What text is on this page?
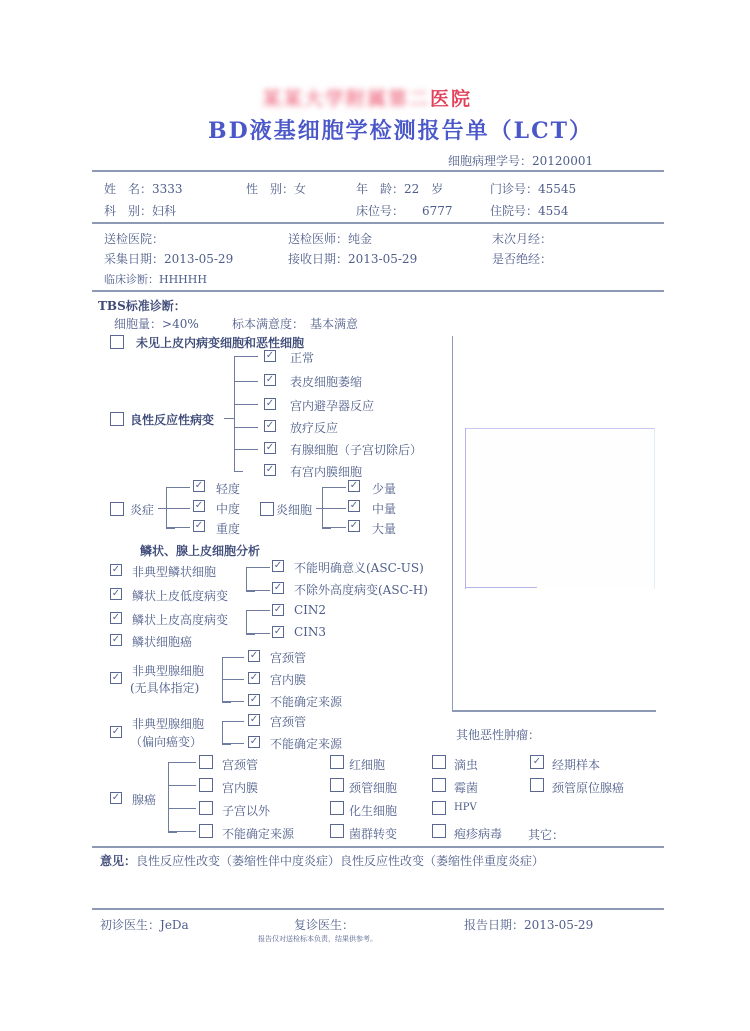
某某大学附属第二医院
BD液基细胞学检测报告单（LCT）
细胞病理学号：20120001
姓　名：3333	性　别：女	年　龄：22　岁	门诊号：45545
科　别：妇科	床位号： 6777	住院号：4554
送检医院：	送检医师：纯金	末次月经：
采集日期：2013-05-29	接收日期：2013-05-29	是否绝经：
临床诊断：HHHHH
TBS标准诊断：
细胞量：>40%	标本满意度： 基本满意
未见上皮内病变细胞和恶性细胞
良性反应性病变
✓ 正常
✓ 表皮细胞萎缩
✓ 宫内避孕器反应
✓ 放疗反应
✓ 有腺细胞（子宫切除后）
✓ 有宫内膜细胞
炎症
✓ 轻度
✓ 中度
✓ 重度
炎细胞
✓ 少量
✓ 中量
✓ 大量
鳞状、腺上皮细胞分析
✓ 非典型鳞状细胞
✓ 鳞状上皮低度病变
✓ 鳞状上皮高度病变
✓ 鳞状细胞癌
✓ 不能明确意义(ASC-US)
✓ 不除外高度病变(ASC-H)
✓ CIN2
✓ CIN3
✓ 非典型腺细胞
(无具体指定)
✓ 宫颈管
✓ 宫内膜
✓ 不能确定来源
✓
非典型腺细胞
（偏向癌变）
✓ 宫颈管
✓ 不能确定来源
✓ 腺癌
宫颈管
宫内膜
子宫以外
不能确定来源
红细胞
颈管细胞
化生细胞
菌群转变
其他恶性肿瘤：
滴虫
霉菌
HPV
疱疹病毒
✓ 经期样本
颈管原位腺癌
其它：
意见：良性反应性改变（萎缩性伴中度炎症）良性反应性改变（萎缩性伴重度炎症）
初诊医生：JeDa	复诊医生：	报告日期：2013-05-29
报告仅对送检标本负责，结果供参考。
